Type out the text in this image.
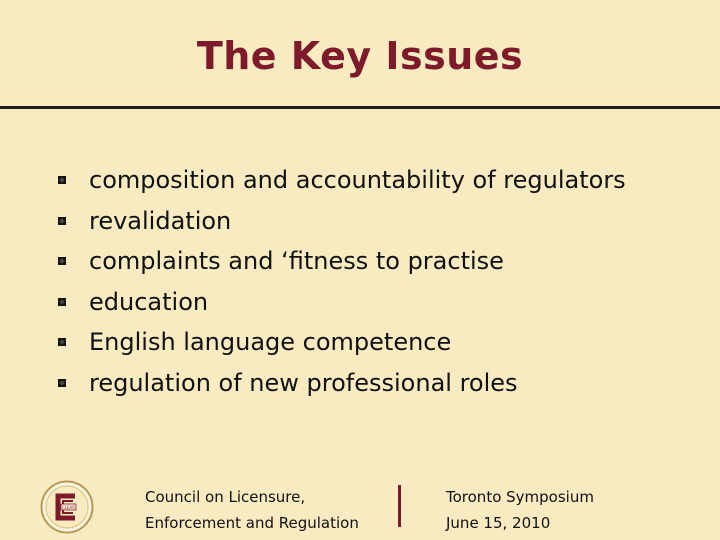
The Key Issues
composition and accountability of regulators
revalidation
complaints and ‘fitness to practise
education
English language competence
regulation of new professional roles
CLEAR
Council on Licensure,
Enforcement and Regulation
Toronto Symposium
June 15, 2010
